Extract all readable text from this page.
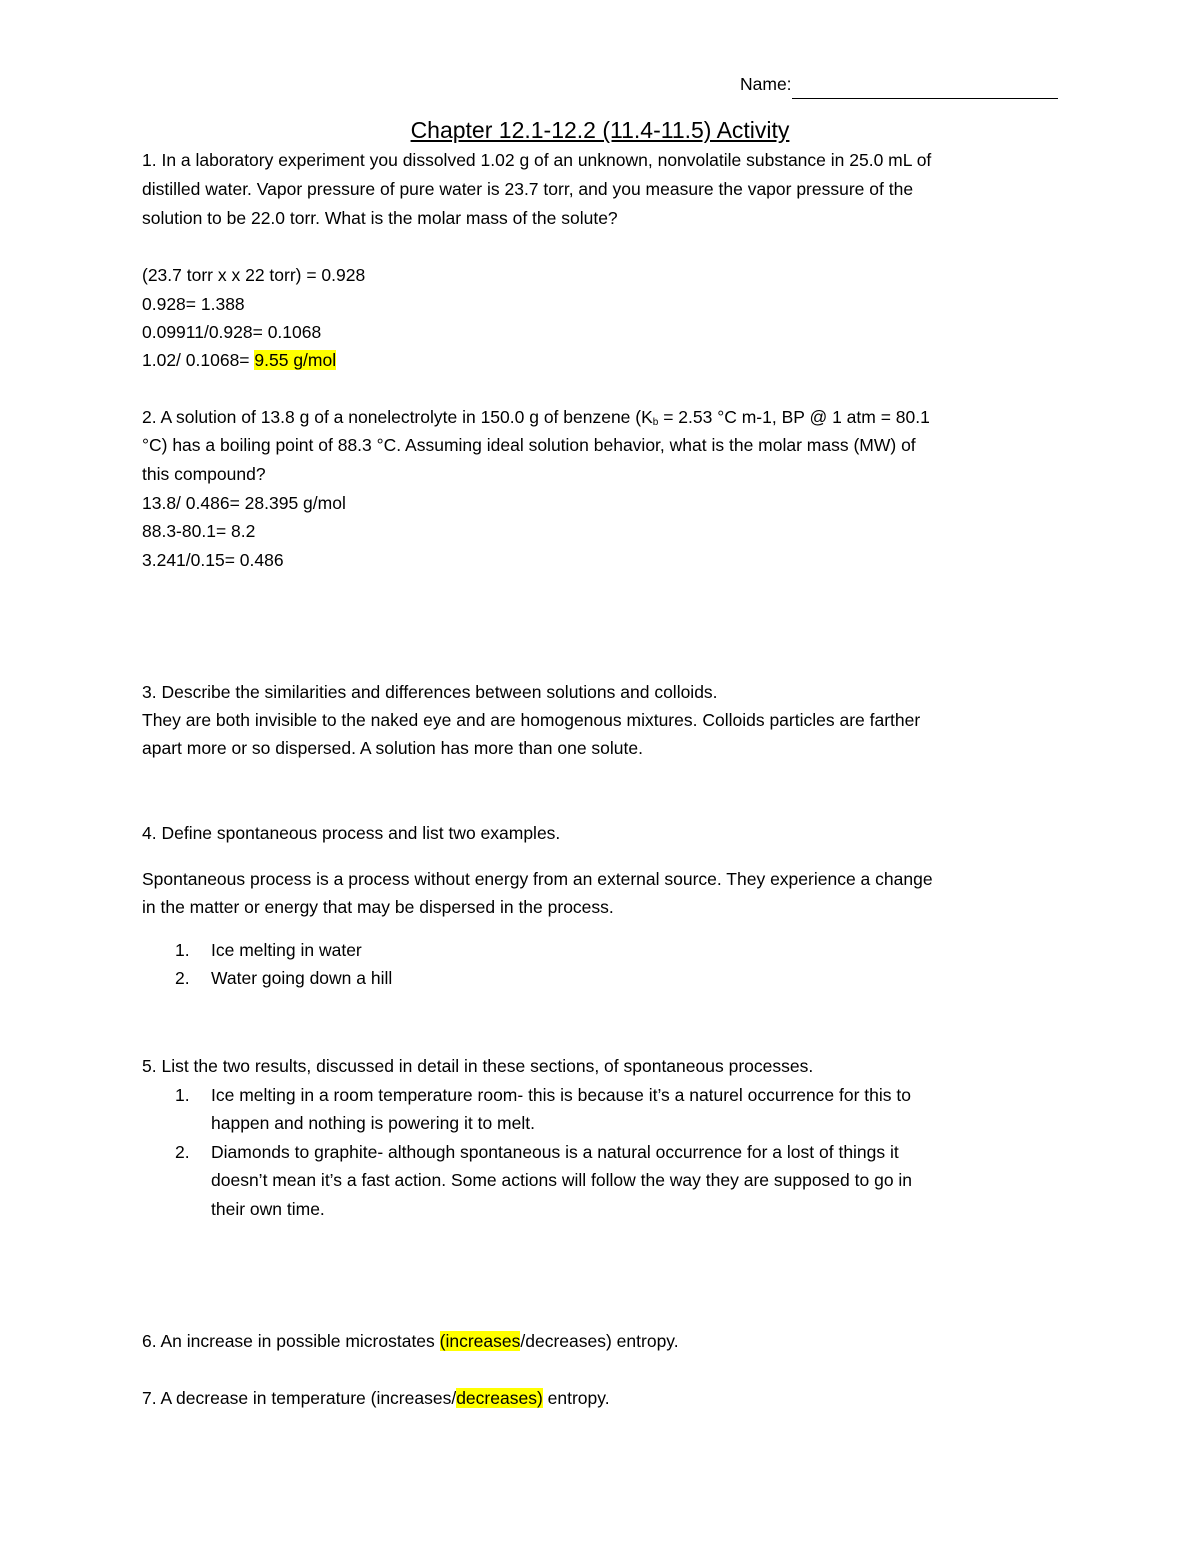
Name:
Chapter 12.1-12.2 (11.4-11.5) Activity
1. In a laboratory experiment you dissolved 1.02 g of an unknown, nonvolatile substance in 25.0 mL of
distilled water. Vapor pressure of pure water is 23.7 torr, and you measure the vapor pressure of the
solution to be 22.0 torr. What is the molar mass of the solute?
(23.7 torr x x 22 torr) = 0.928
0.928= 1.388
0.09911/0.928= 0.1068
1.02/ 0.1068= 9.55 g/mol
2. A solution of 13.8 g of a nonelectrolyte in 150.0 g of benzene ($K_b = 2.53$ °C m-1, BP @ 1 atm = 80.1
°C) has a boiling point of 88.3 °C. Assuming ideal solution behavior, what is the molar mass (MW) of
this compound?
13.8/ 0.486= 28.395 g/mol
88.3-80.1= 8.2
3.241/0.15= 0.486
3. Describe the similarities and differences between solutions and colloids.
They are both invisible to the naked eye and are homogenous mixtures. Colloids particles are farther
apart more or so dispersed. A solution has more than one solute.
4. Define spontaneous process and list two examples.
Spontaneous process is a process without energy from an external source. They experience a change
in the matter or energy that may be dispersed in the process.
1. Ice melting in water
2. Water going down a hill
5. List the two results, discussed in detail in these sections, of spontaneous processes.
1. Ice melting in a room temperature room- this is because it’s a naturel occurrence for this to
happen and nothing is powering it to melt.
2. Diamonds to graphite- although spontaneous is a natural occurrence for a lost of things it
doesn’t mean it’s a fast action. Some actions will follow the way they are supposed to go in
their own time.
6. An increase in possible microstates (increases/decreases) entropy.
7. A decrease in temperature (increases/decreases) entropy.
